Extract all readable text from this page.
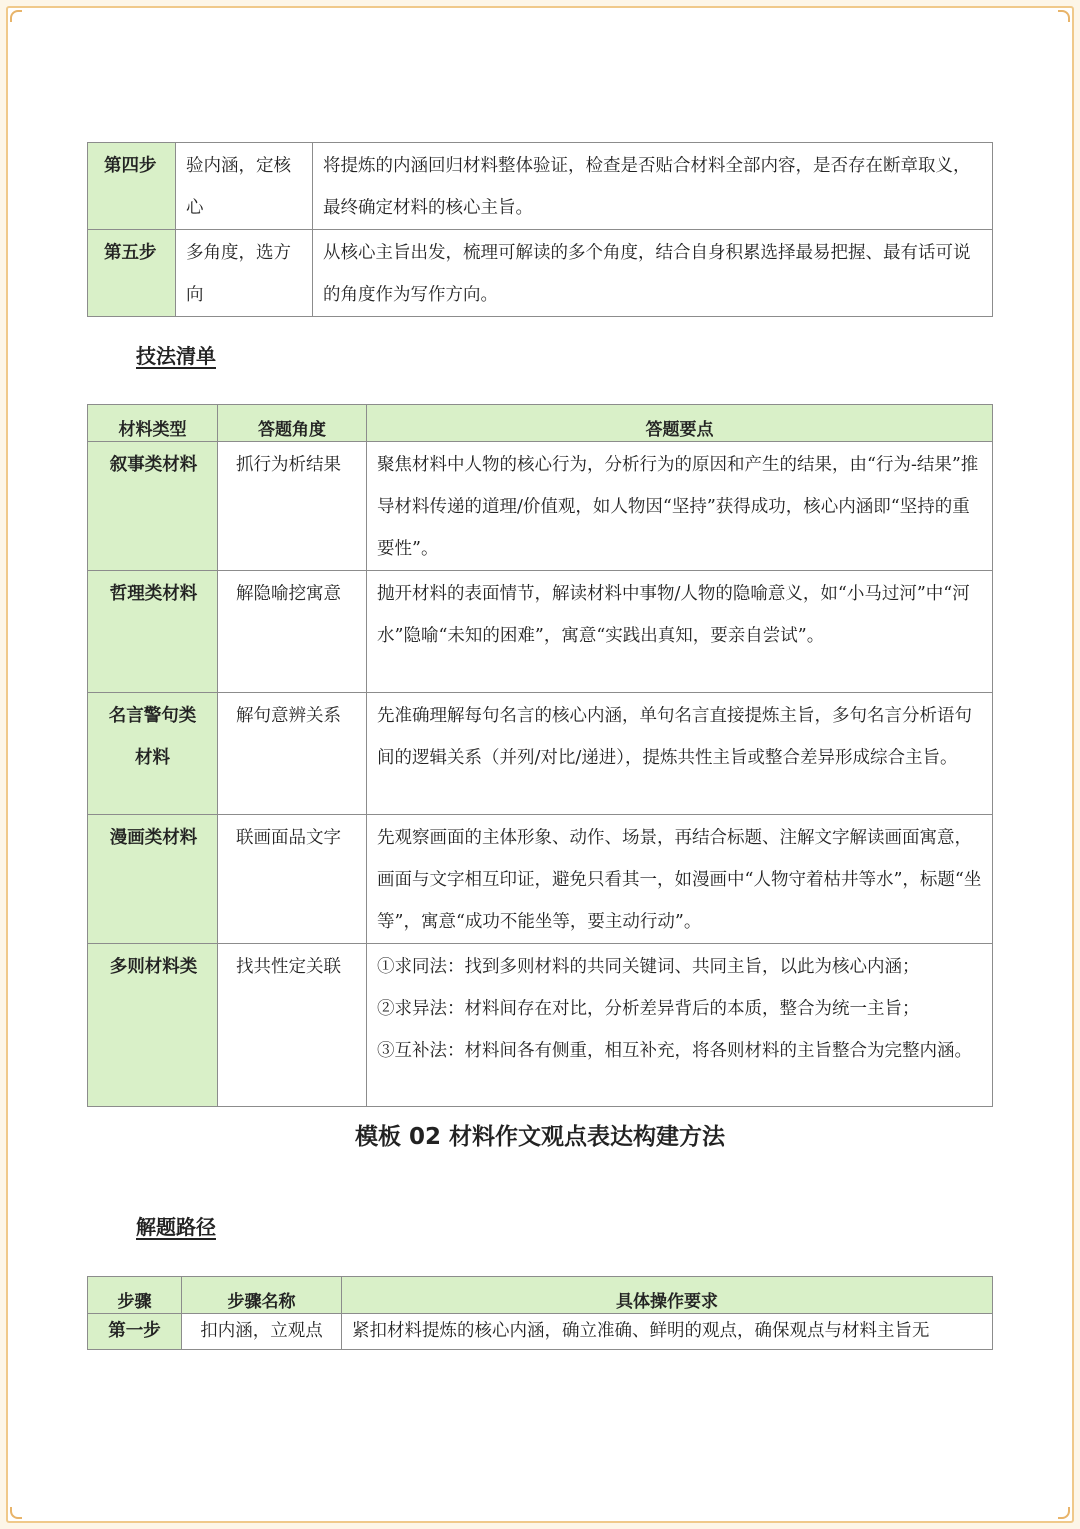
第四步	验内涵，定核心	将提炼的内涵回归材料整体验证，检查是否贴合材料全部内容，是否存在断章取义，最终确定材料的核心主旨。

第五步	多角度，选方向	从核心主旨出发，梳理可解读的多个角度，结合自身积累选择最易把握、最有话可说的角度作为写作方向。
技法清单
材料类型	答题角度	答题要点

叙事类材料	抓行为析结果	聚焦材料中人物的核心行为，分析行为的原因和产生的结果，由“行为-结果”推导材料传递的道理/价值观，如人物因“坚持”获得成功，核心内涵即“坚持的重要性”。

哲理类材料	解隐喻挖寓意	抛开材料的表面情节，解读材料中事物/人物的隐喻意义，如“小马过河”中“河水”隐喻“未知的困难”，寓意“实践出真知，要亲自尝试”。

名言警句类材料	解句意辨关系	先准确理解每句名言的核心内涵，单句名言直接提炼主旨，多句名言分析语句间的逻辑关系（并列/对比/递进），提炼共性主旨或整合差异形成综合主旨。

漫画类材料	联画面品文字	先观察画面的主体形象、动作、场景，再结合标题、注解文字解读画面寓意，画面与文字相互印证，避免只看其一，如漫画中“人物守着枯井等水”，标题“坐等”，寓意“成功不能坐等，要主动行动”。

多则材料类	找共性定关联	①求同法：找到多则材料的共同关键词、共同主旨，以此为核心内涵；
②求异法：材料间存在对比，分析差异背后的本质，整合为统一主旨；
③互补法：材料间各有侧重，相互补充，将各则材料的主旨整合为完整内涵。
模板 02 材料作文观点表达构建方法
解题路径
步骤	步骤名称	具体操作要求

第一步	扣内涵，立观点	紧扣材料提炼的核心内涵，确立准确、鲜明的观点，确保观点与材料主旨无
